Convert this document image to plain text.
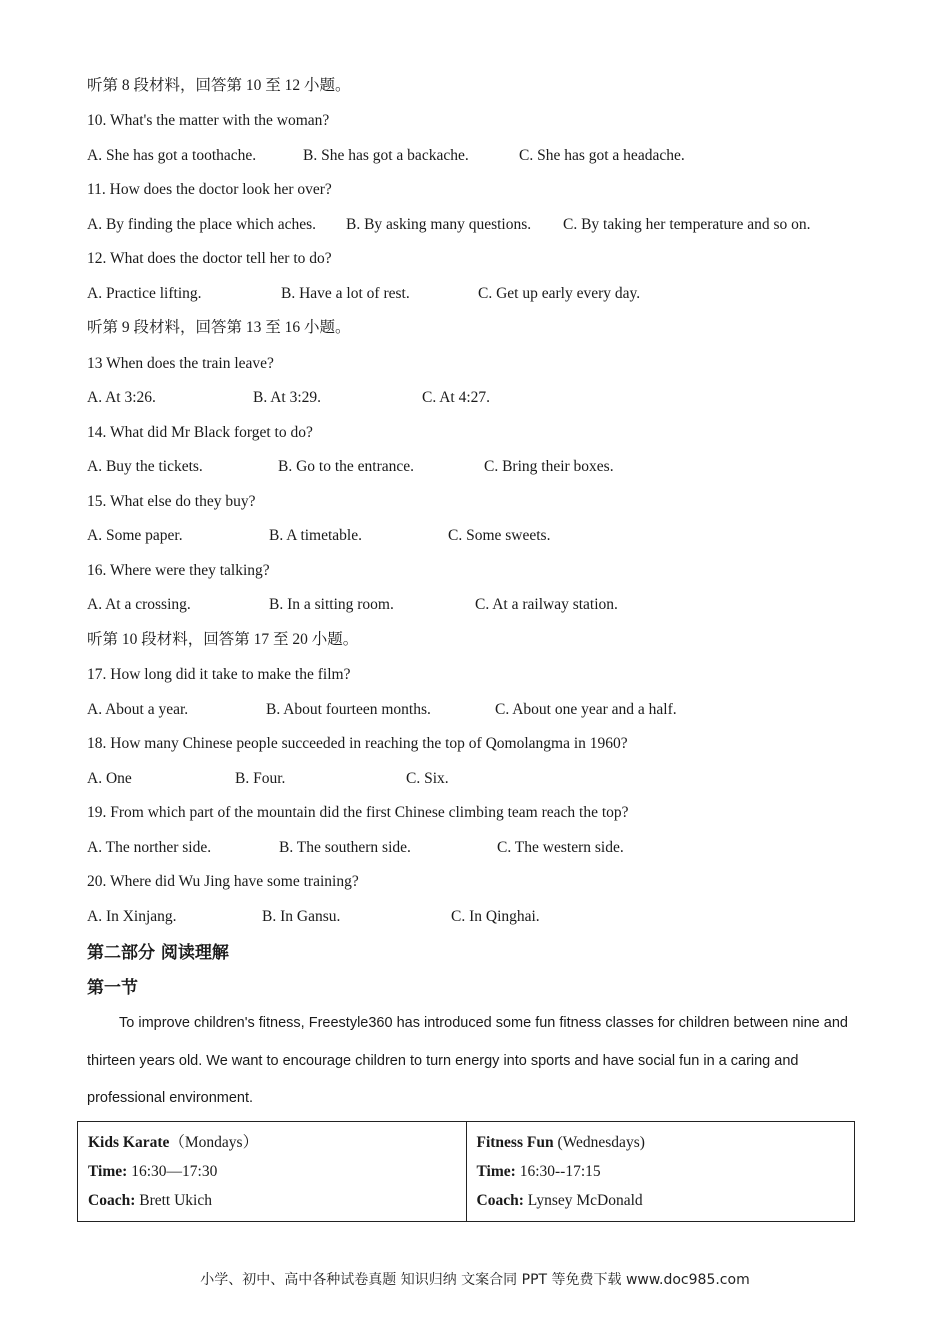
听第 8 段材料，回答第 10 至 12 小题。
10. What's the matter with the woman?
A. She has got a toothache.	B. She has got a backache.	C. She has got a headache.
11. How does the doctor look her over?
A. By finding the place which aches. B. By asking many questions. C. By taking her temperature and so on.
12. What does the doctor tell her to do?
A. Practice lifting.	B. Have a lot of rest.	C. Get up early every day.
听第 9 段材料，回答第 13 至 16 小题。
13 When does the train leave?
A. At 3:26.	B. At 3:29.	C. At 4:27.
14. What did Mr Black forget to do?
A. Buy the tickets.	B. Go to the entrance.	C. Bring their boxes.
15. What else do they buy?
A. Some paper.	B. A timetable.	C. Some sweets.
16. Where were they talking?
A. At a crossing.	B. In a sitting room.	C. At a railway station.
听第 10 段材料，回答第 17 至 20 小题。
17. How long did it take to make the film?
A. About a year.	B. About fourteen months.	C. About one year and a half.
18. How many Chinese people succeeded in reaching the top of Qomolangma in 1960?
A. One	B. Four.	C. Six.
19. From which part of the mountain did the first Chinese climbing team reach the top?
A. The norther side.	B. The southern side.	C. The western side.
20. Where did Wu Jing have some training?
A. In Xinjang.	B. In Gansu.	C. In Qinghai.
第二部分 阅读理解
第一节
To improve children's fitness, Freestyle360 has introduced some fun fitness classes for children between nine and thirteen years old. We want to encourage children to turn energy into sports and have social fun in a caring and professional environment.
Kids Karate（Mondays）
Time: 16:30—17:30
Coach: Brett Ukich

Fitness Fun (Wednesdays)
Time: 16:30--17:15
Coach: Lynsey McDonald
小学、初中、高中各种试卷真题 知识归纳 文案合同 PPT 等免费下载 www.doc985.com
